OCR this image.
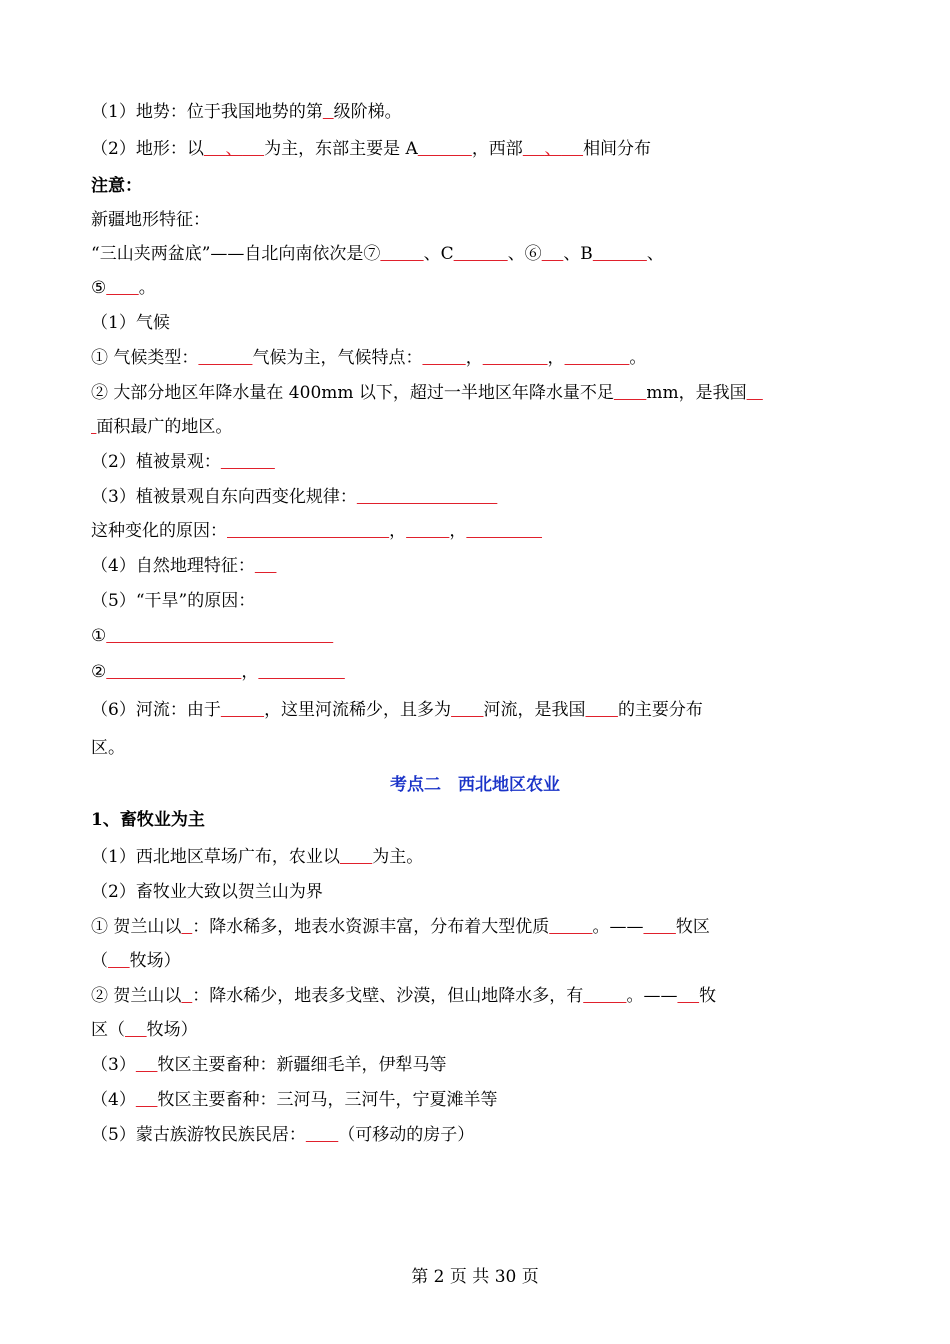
（1）地势：位于我国地势的第 级阶梯。
（2）地形：以 、 为主，东部主要是 A	，西部 、 相间分布
注意：
新疆地形特征：
“三山夹两盆底”——自北向南依次是⑦	、C	、⑥ 、B	、
⑤ 。
（1）气候
① 气候类型：	气候为主，气候特点：	，	，	。
② 大部分地区年降水量在 400mm 以下，超过一半地区年降水量不足 mm，是我国
面积最广的地区。
（2）植被景观：
（3）植被景观自东向西变化规律：
这种变化的原因：	，	，
（4）自然地理特征：
（5）“干旱”的原因：
①
②	，
（6）河流：由于	，这里河流稀少，且多为 河流，是我国 的主要分布
区。
1、畜牧业为主
（1）西北地区草场广布，农业以 为主。
（2）畜牧业大致以贺兰山为界
① 贺兰山以 ：降水稀多，地表水资源丰富，分布着大型优质	。—— 牧区
（ 牧场）
② 贺兰山以 ：降水稀少，地表多戈壁、沙漠，但山地降水多，有	。—— 牧
区（ 牧场）
（3） 牧区主要畜种：新疆细毛羊，伊犁马等
（4） 牧区主要畜种：三河马，三河牛，宁夏滩羊等
（5）蒙古族游牧民族民居： （可移动的房子）
考点二　西北地区农业
第 2 页 共 30 页
